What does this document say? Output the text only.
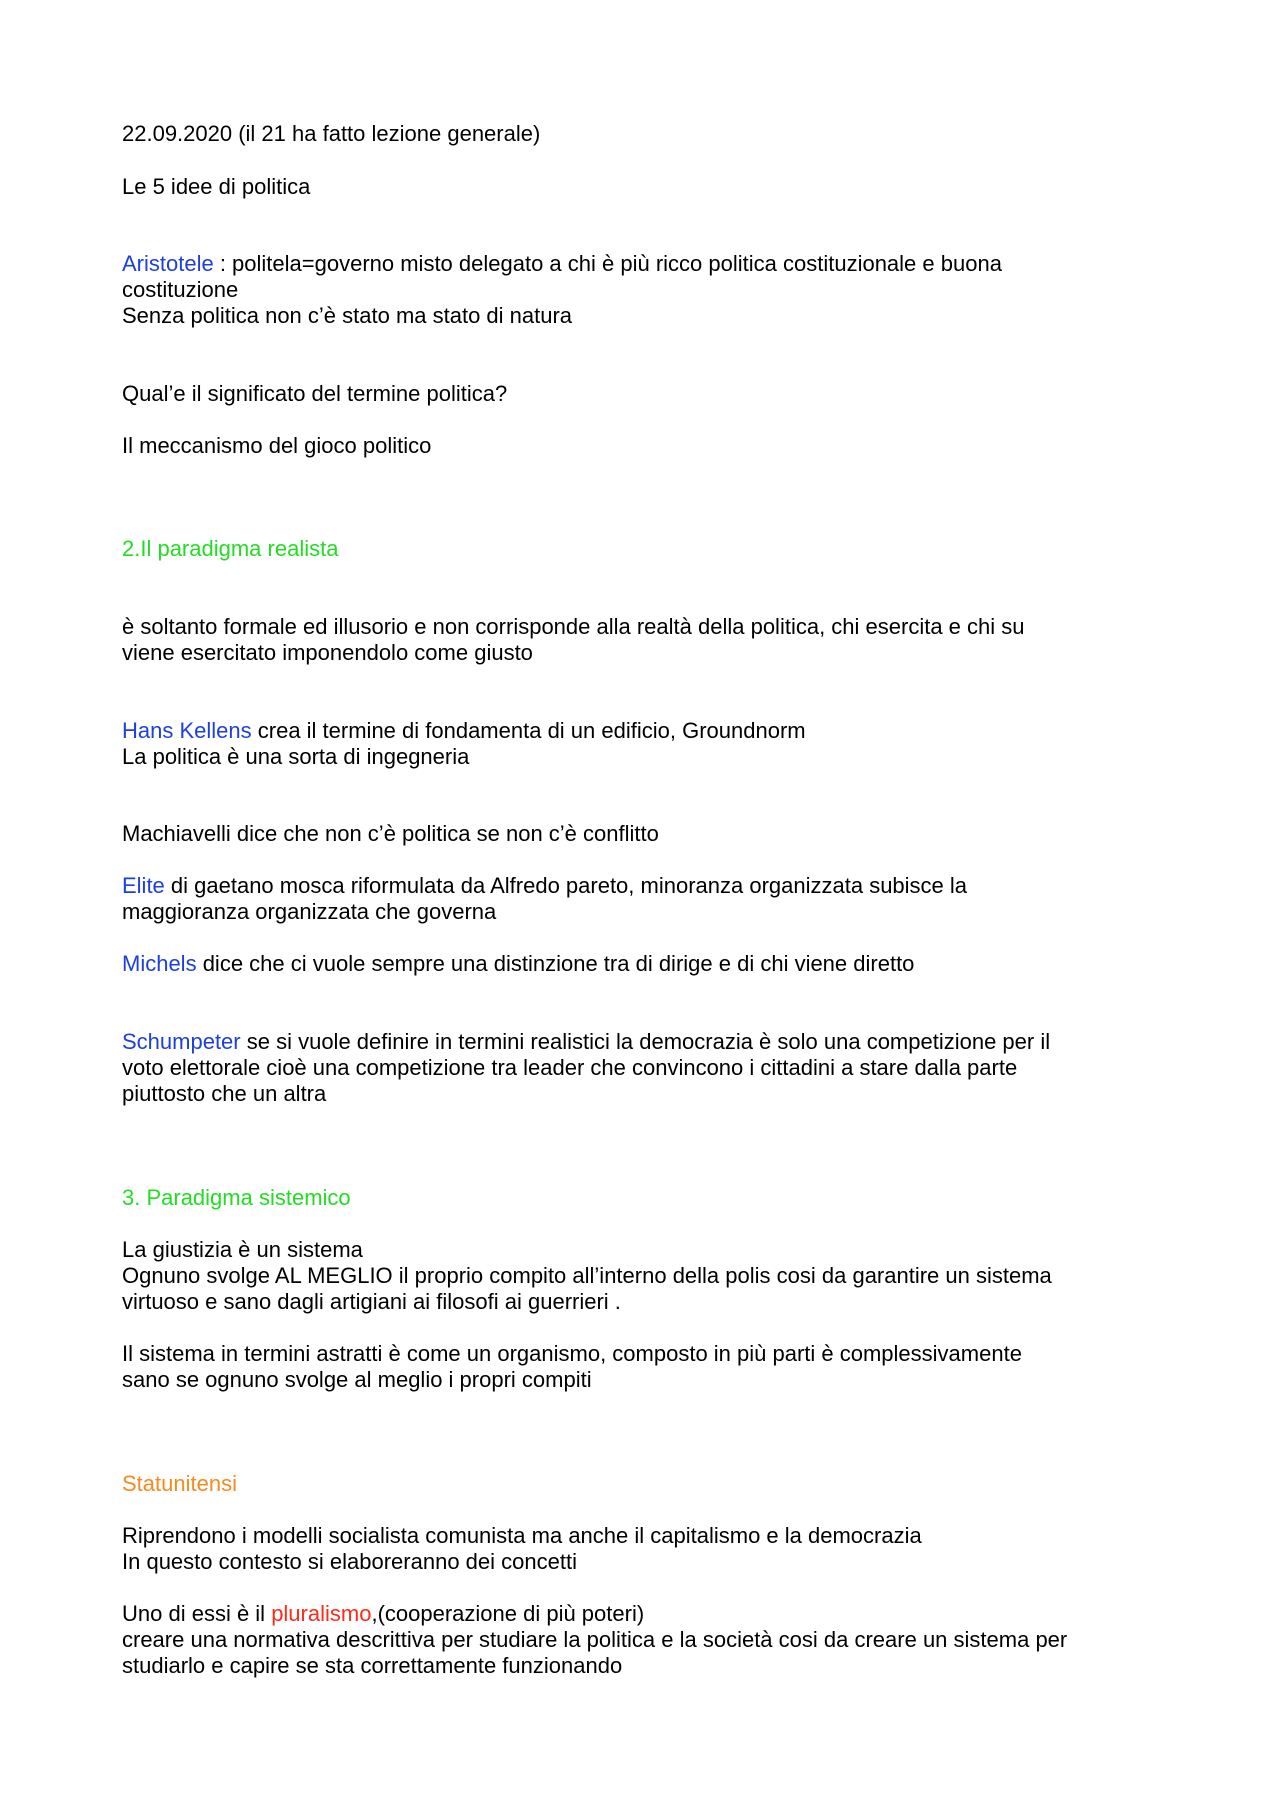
22.09.2020 (il 21 ha fatto lezione generale)

Le 5 idee di politica

Aristotele : politela=governo misto delegato a chi è più ricco politica costituzionale e buona
costituzione
Senza politica non c’è stato ma stato di natura

Qual’e il significato del termine politica?

Il meccanismo del gioco politico

2.Il paradigma realista

è soltanto formale ed illusorio e non corrisponde alla realtà della politica, chi esercita e chi su
viene esercitato imponendolo come giusto

Hans Kellens crea il termine di fondamenta di un edificio, Groundnorm
La politica è una sorta di ingegneria

Machiavelli dice che non c’è politica se non c’è conflitto

Elite di gaetano mosca riformulata da Alfredo pareto, minoranza organizzata subisce la
maggioranza organizzata che governa

Michels dice che ci vuole sempre una distinzione tra di dirige e di chi viene diretto

Schumpeter se si vuole definire in termini realistici la democrazia è solo una competizione per il
voto elettorale cioè una competizione tra leader che convincono i cittadini a stare dalla parte
piuttosto che un altra

3. Paradigma sistemico

La giustizia è un sistema
Ognuno svolge AL MEGLIO il proprio compito all’interno della polis cosi da garantire un sistema
virtuoso e sano dagli artigiani ai filosofi ai guerrieri .

Il sistema in termini astratti è come un organismo, composto in più parti è complessivamente
sano se ognuno svolge al meglio i propri compiti

Statunitensi

Riprendono i modelli socialista comunista ma anche il capitalismo e la democrazia
In questo contesto si elaboreranno dei concetti

Uno di essi è il pluralismo,(cooperazione di più poteri)
creare una normativa descrittiva per studiare la politica e la società cosi da creare un sistema per
studiarlo e capire se sta correttamente funzionando
